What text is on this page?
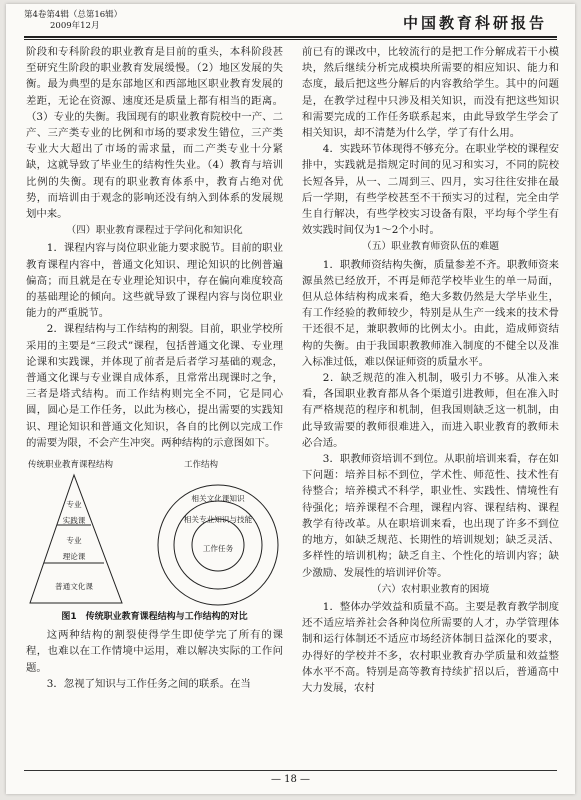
第4卷第4辑（总第16辑）
2009年12月	中国教育科研报告

阶段和专科阶段的职业教育是目前的重头，本科阶段甚至研究生阶段的职业教育发展缓慢。（2）地区发展的失衡。最为典型的是东部地区和西部地区职业教育发展的差距，无论在资源、速度还是质量上都有相当的距离。（3）专业的失衡。我国现有的职业教育院校中一产、二产、三产类专业的比例和市场的要求发生错位，三产类专业大大超出了市场的需求量，而二产类专业十分紧缺，这就导致了毕业生的结构性失业。（4）教育与培训比例的失衡。现有的职业教育体系中，教育占绝对优势，而培训由于观念的影响还没有纳入到体系的发展规划中来。

（四）职业教育课程过于学问化和知识化

1．课程内容与岗位职业能力要求脱节。目前的职业教育课程内容中，普通文化知识、理论知识的比例普遍偏高；而且就是在专业理论知识中，存在偏向难度较高的基础理论的倾向。这些就导致了课程内容与岗位职业能力的严重脱节。

2．课程结构与工作结构的割裂。目前，职业学校所采用的主要是“三段式”课程，包括普通文化课、专业理论课和实践课，并体现了前者是后者学习基础的观念，普通文化课与专业课自成体系，且常常出现课时之争，三者是塔式结构。而工作结构则完全不同，它是同心圆，圆心是工作任务，以此为核心，提出需要的实践知识、理论知识和普通文化知识，各自的比例以完成工作的需要为限，不会产生冲突。两种结构的示意图如下。

传统职业教育课程结构	工作结构
专业
实践课
专业
理论课
普通文化课
相关文化课知识
相关专业知识与技能
工作任务
图1　传统职业教育课程结构与工作结构的对比

这两种结构的割裂使得学生即使学完了所有的课程，也难以在工作情境中运用，难以解决实际的工作问题。

3．忽视了知识与工作任务之间的联系。在当

前已有的课改中，比较流行的是把工作分解成若干小模块，然后继续分析完成模块所需要的相应知识、能力和态度，最后把这些分解后的内容教给学生。其中的问题是，在教学过程中只涉及相关知识，而没有把这些知识和需要完成的工作任务联系起来，由此导致学生学会了相关知识，却不清楚为什么学，学了有什么用。

4．实践环节体现得不够充分。在职业学校的课程安排中，实践就是指规定时间的见习和实习，不同的院校长短各异，从一、二周到三、四月，实习往往安排在最后一学期，有些学校甚至不干预实习的过程，完全由学生自行解决，有些学校实习设备有限，平均每个学生有效实践时间仅为1～2个小时。

（五）职业教育师资队伍的难题

1．职教师资结构失衡，质量参差不齐。职教师资来源虽然已经放开，不再是师范学校毕业生的单一局面，但从总体结构构成来看，绝大多数仍然是大学毕业生，有工作经验的教师较少，特别是从生产一线来的技术骨干还很不足，兼职教师的比例太小。由此，造成师资结构的失衡。由于我国职教教师准入制度的不健全以及准入标准过低，难以保证师资的质量水平。

2．缺乏规范的准入机制，吸引力不够。从准入来看，各国职业教育都从各个渠道引进教师，但在准入时有严格规范的程序和机制，但我国则缺乏这一机制，由此导致需要的教师很难进入，而进入职业教育的教师未必合适。

3．职教师资培训不到位。从职前培训来看，存在如下问题：培养目标不到位，学术性、师范性、技术性有待整合；培养模式不科学，职业性、实践性、情境性有待强化；培养课程不合理，课程内容、课程结构、课程教学有待改革。从在职培训来看，也出现了许多不到位的地方，如缺乏规范、长期性的培训规划；缺乏灵活、多样性的培训机构；缺乏自主、个性化的培训内容；缺少激励、发展性的培训评价等。

（六）农村职业教育的困境

1．整体办学效益和质量不高。主要是教育教学制度还不适应培养社会各种岗位所需要的人才，办学管理体制和运行体制还不适应市场经济体制日益深化的要求，办得好的学校并不多，农村职业教育办学质量和效益整体水平不高。特别是高等教育持续扩招以后，普通高中大力发展，农村

— 18 —
